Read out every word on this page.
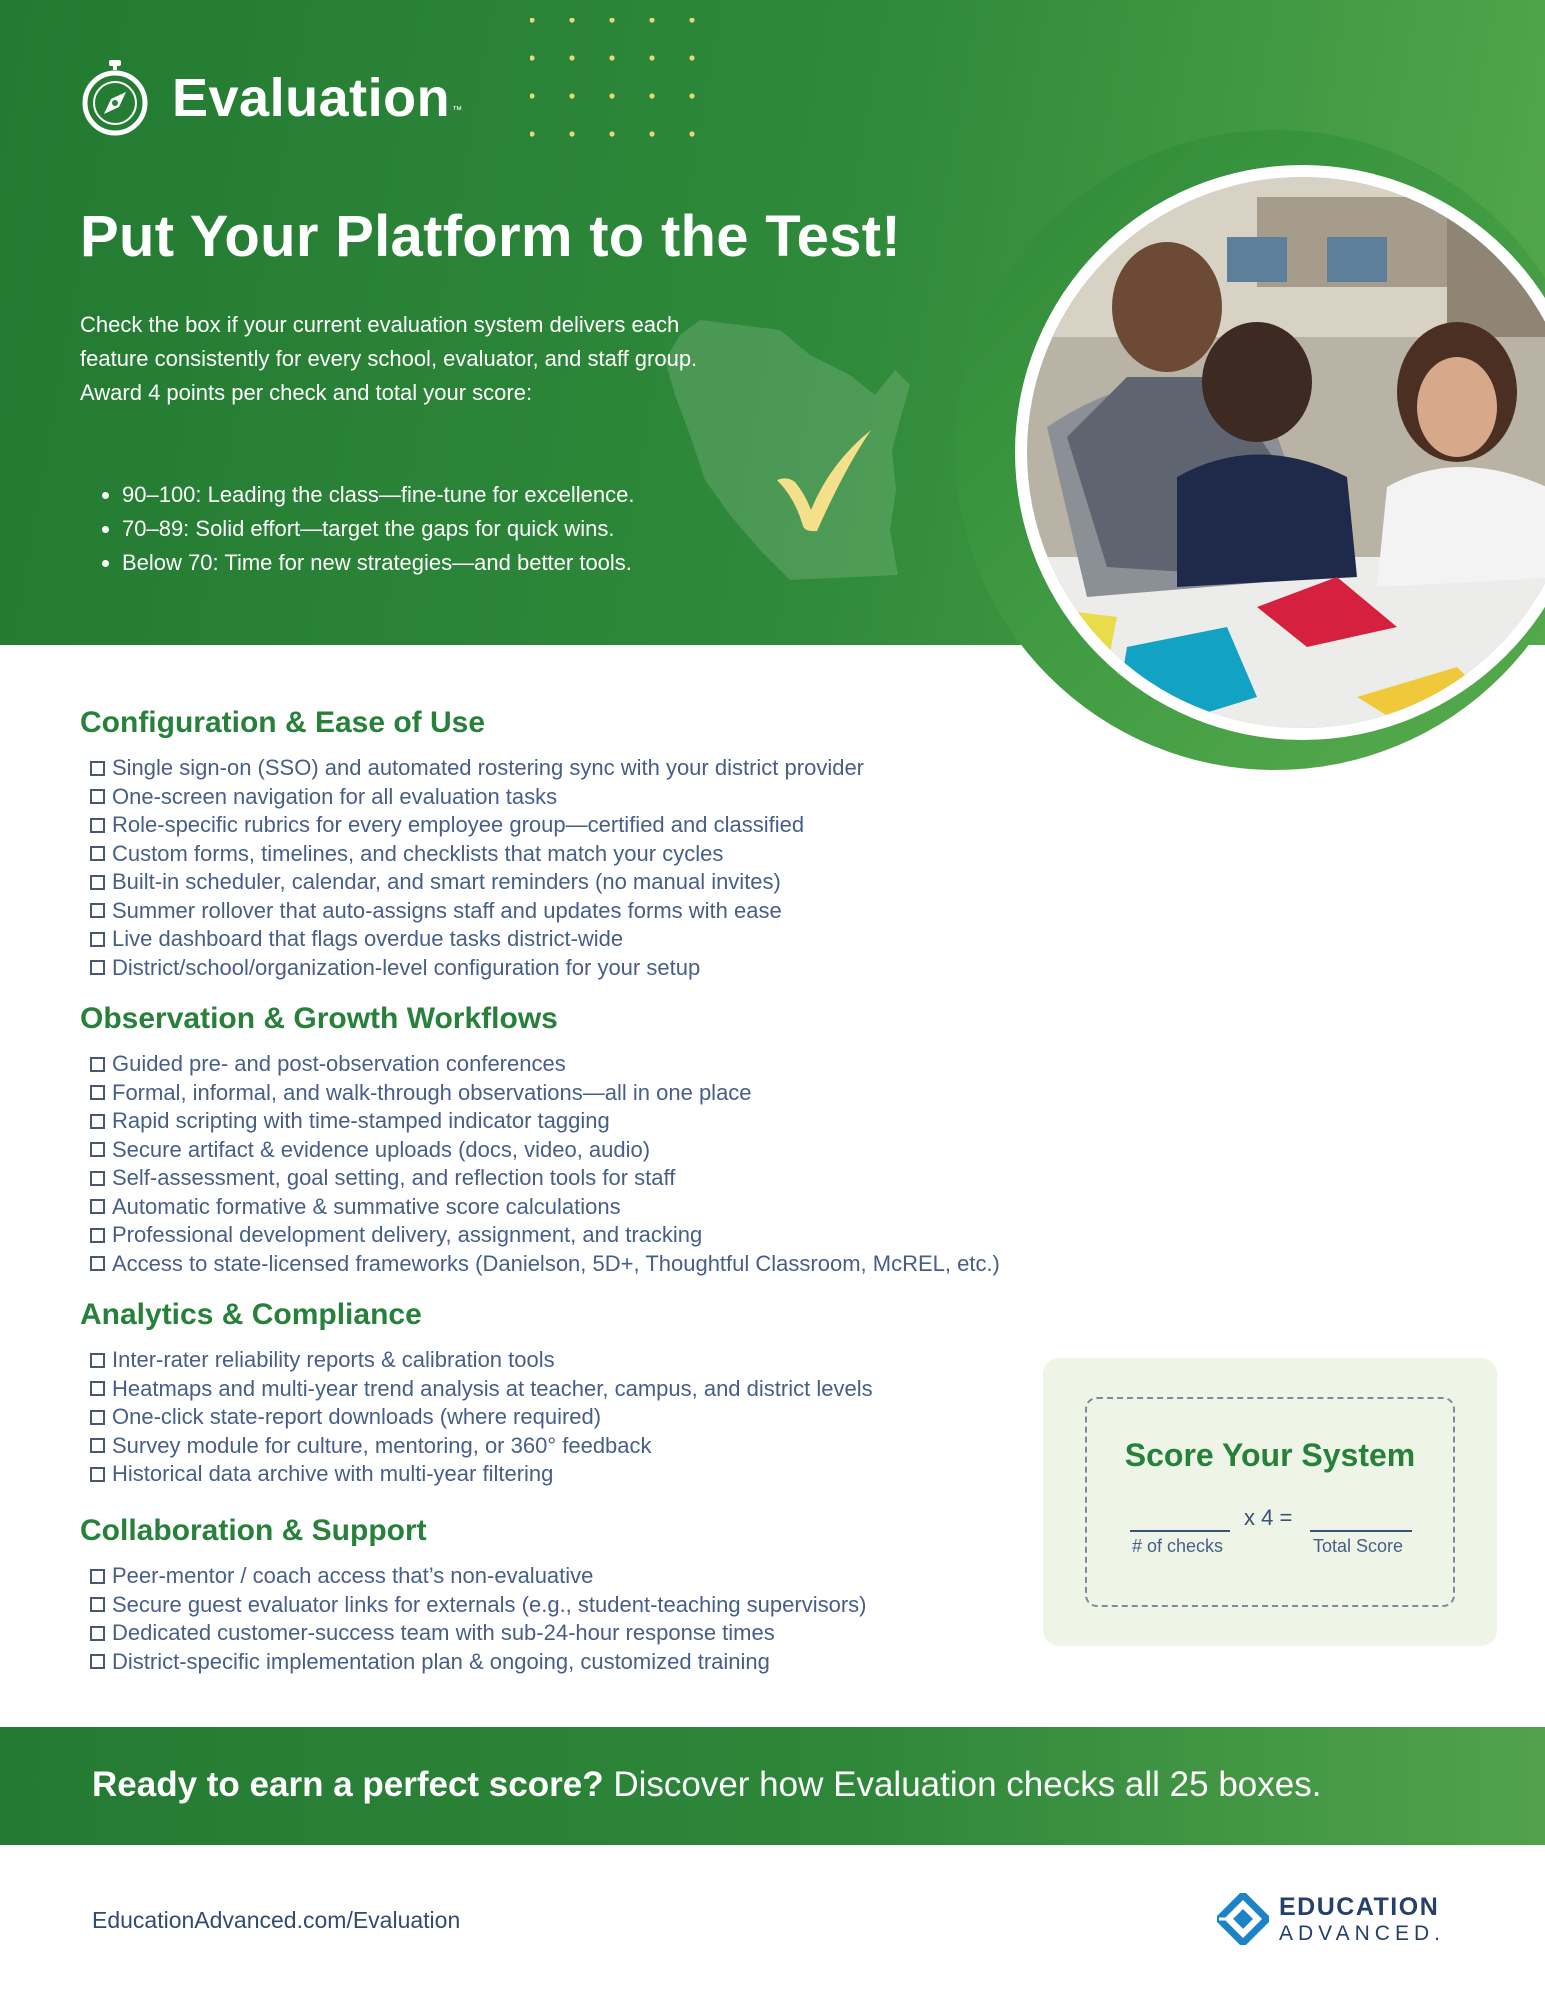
Evaluation ™
Put Your Platform to the Test!

Check the box if your current evaluation system delivers each feature consistently for every school, evaluator, and staff group. Award 4 points per check and total your score:

• 90–100: Leading the class—fine-tune for excellence.
• 70–89: Solid effort—target the gaps for quick wins.
• Below 70: Time for new strategies—and better tools.
Configuration & Ease of Use
Single sign-on (SSO) and automated rostering sync with your district provider
One-screen navigation for all evaluation tasks
Role-specific rubrics for every employee group—certified and classified
Custom forms, timelines, and checklists that match your cycles
Built-in scheduler, calendar, and smart reminders (no manual invites)
Summer rollover that auto-assigns staff and updates forms with ease
Live dashboard that flags overdue tasks district-wide
District/school/organization-level configuration for your setup
Observation & Growth Workflows
Guided pre- and post-observation conferences
Formal, informal, and walk-through observations—all in one place
Rapid scripting with time-stamped indicator tagging
Secure artifact & evidence uploads (docs, video, audio)
Self-assessment, goal setting, and reflection tools for staff
Automatic formative & summative score calculations
Professional development delivery, assignment, and tracking
Access to state-licensed frameworks (Danielson, 5D+, Thoughtful Classroom, McREL, etc.)
Analytics & Compliance
Inter-rater reliability reports & calibration tools
Heatmaps and multi-year trend analysis at teacher, campus, and district levels
One-click state-report downloads (where required)
Survey module for culture, mentoring, or 360° feedback
Historical data archive with multi-year filtering
Collaboration & Support
Peer-mentor / coach access that’s non-evaluative
Secure guest evaluator links for externals (e.g., student-teaching supervisors)
Dedicated customer-success team with sub-24-hour response times
District-specific implementation plan & ongoing, customized training
Score Your System
x 4 =
# of checks	Total Score

Ready to earn a perfect score? Discover how Evaluation checks all 25 boxes.

EducationAdvanced.com/Evaluation	EDUCATION
ADVANCED.
